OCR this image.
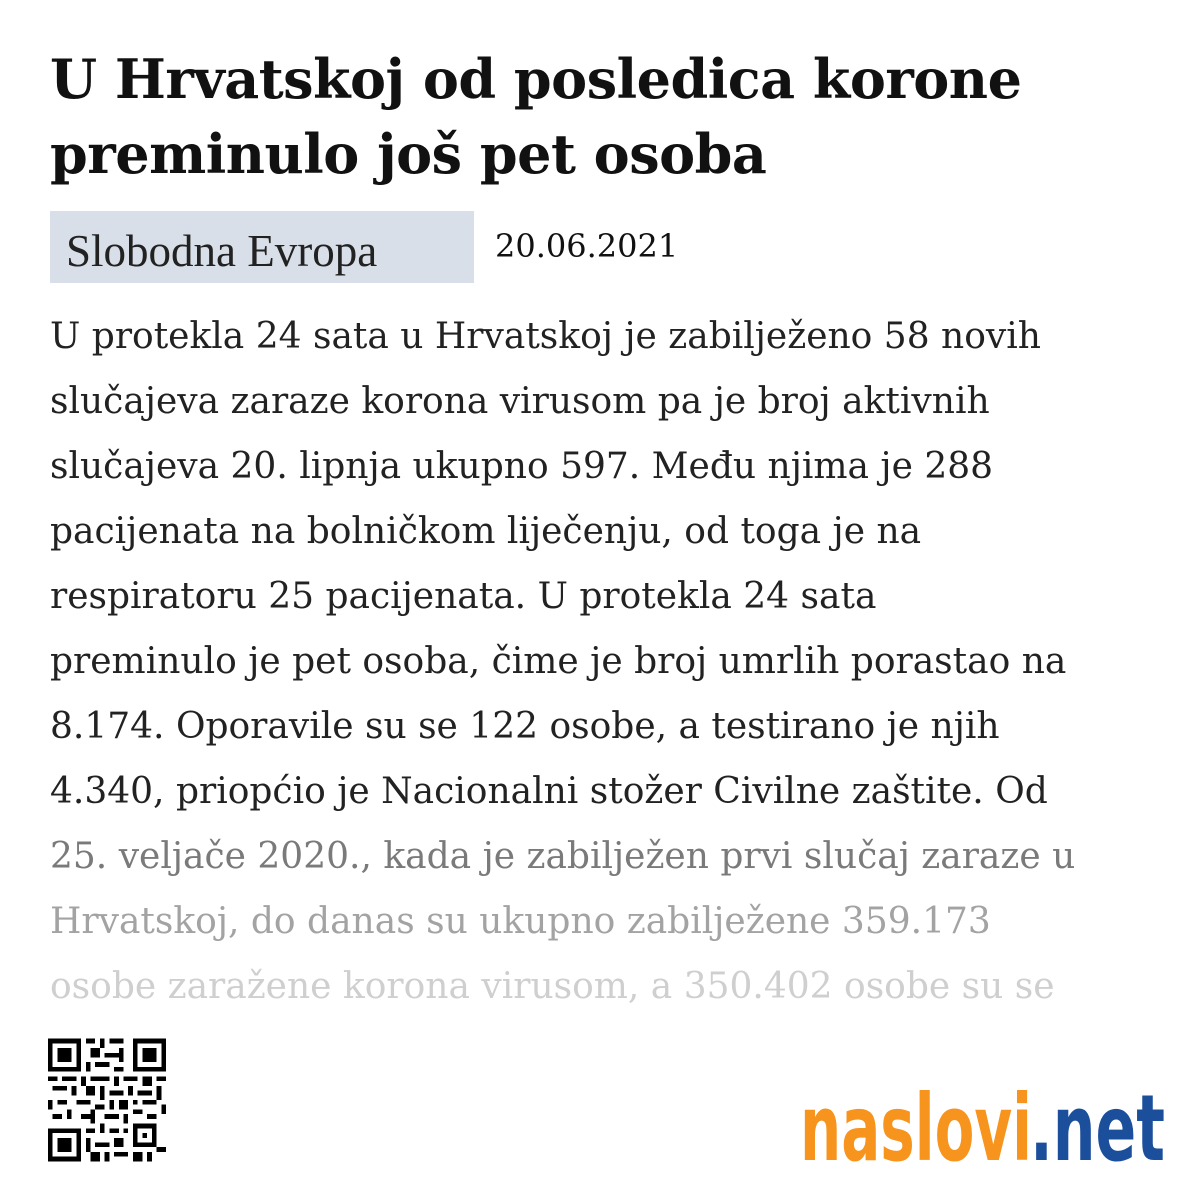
U Hrvatskoj od posledica korone
preminulo još pet osoba
Slobodna Evropa	20.06.2021
U protekla 24 sata u Hrvatskoj je zabilježeno 58 novih
slučajeva zaraze korona virusom pa je broj aktivnih
slučajeva 20. lipnja ukupno 597. Među njima je 288
pacijenata na bolničkom liječenju, od toga je na
respiratoru 25 pacijenata. U protekla 24 sata
preminulo je pet osoba, čime je broj umrlih porastao na
8.174. Oporavile su se 122 osobe, a testirano je njih
4.340, priopćio je Nacionalni stožer Civilne zaštite. Od
25. veljače 2020., kada je zabilježen prvi slučaj zaraze u
Hrvatskoj, do danas su ukupno zabilježene 359.173
osobe zaražene korona virusom, a 350.402 osobe su se
naslovi
.net
